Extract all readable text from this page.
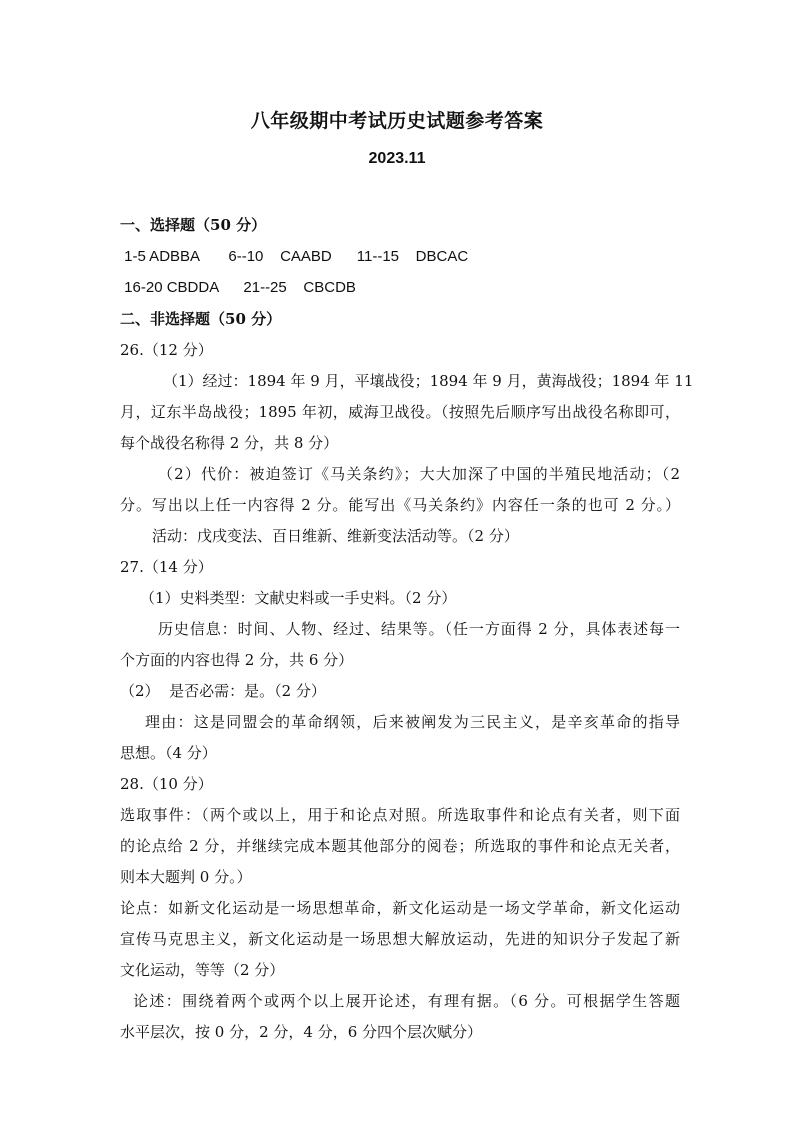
八年级期中考试历史试题参考答案
2023.11
一、选择题（50 分）
1-5 ADBBA       6--10    CAABD      11--15    DBCAC
16-20 CBDDA      21--25    CBCDB
二、非选择题（50 分）
26.（12 分）
（1）经过：1894 年 9 月，平壤战役；1894 年 9 月，黄海战役；1894 年 11
月，辽东半岛战役；1895 年初，威海卫战役。（按照先后顺序写出战役名称即可，
每个战役名称得 2 分，共 8 分）
（2）代价：被迫签订《马关条约》；大大加深了中国的半殖民地活动；（2
分。写出以上任一内容得 2 分。能写出《马关条约》内容任一条的也可 2 分。）
活动：戊戌变法、百日维新、维新变法活动等。（2 分）
27.（14 分）
（1）史料类型：文献史料或一手史料。（2 分）
历史信息：时间、人物、经过、结果等。（任一方面得 2 分，具体表述每一
个方面的内容也得 2 分，共 6 分）
（2）  是否必需：是。（2 分）
理由：这是同盟会的革命纲领，后来被阐发为三民主义，是辛亥革命的指导
思想。（4 分）
28.（10 分）
选取事件：（两个或以上，用于和论点对照。所选取事件和论点有关者，则下面
的论点给 2 分，并继续完成本题其他部分的阅卷；所选取的事件和论点无关者，
则本大题判 0 分。）
论点：如新文化运动是一场思想革命，新文化运动是一场文学革命，新文化运动
宣传马克思主义，新文化运动是一场思想大解放运动，先进的知识分子发起了新
文化运动，等等（2 分）
论述：围绕着两个或两个以上展开论述，有理有据。（6 分。可根据学生答题
水平层次，按 0 分，2 分，4 分，6 分四个层次赋分）
